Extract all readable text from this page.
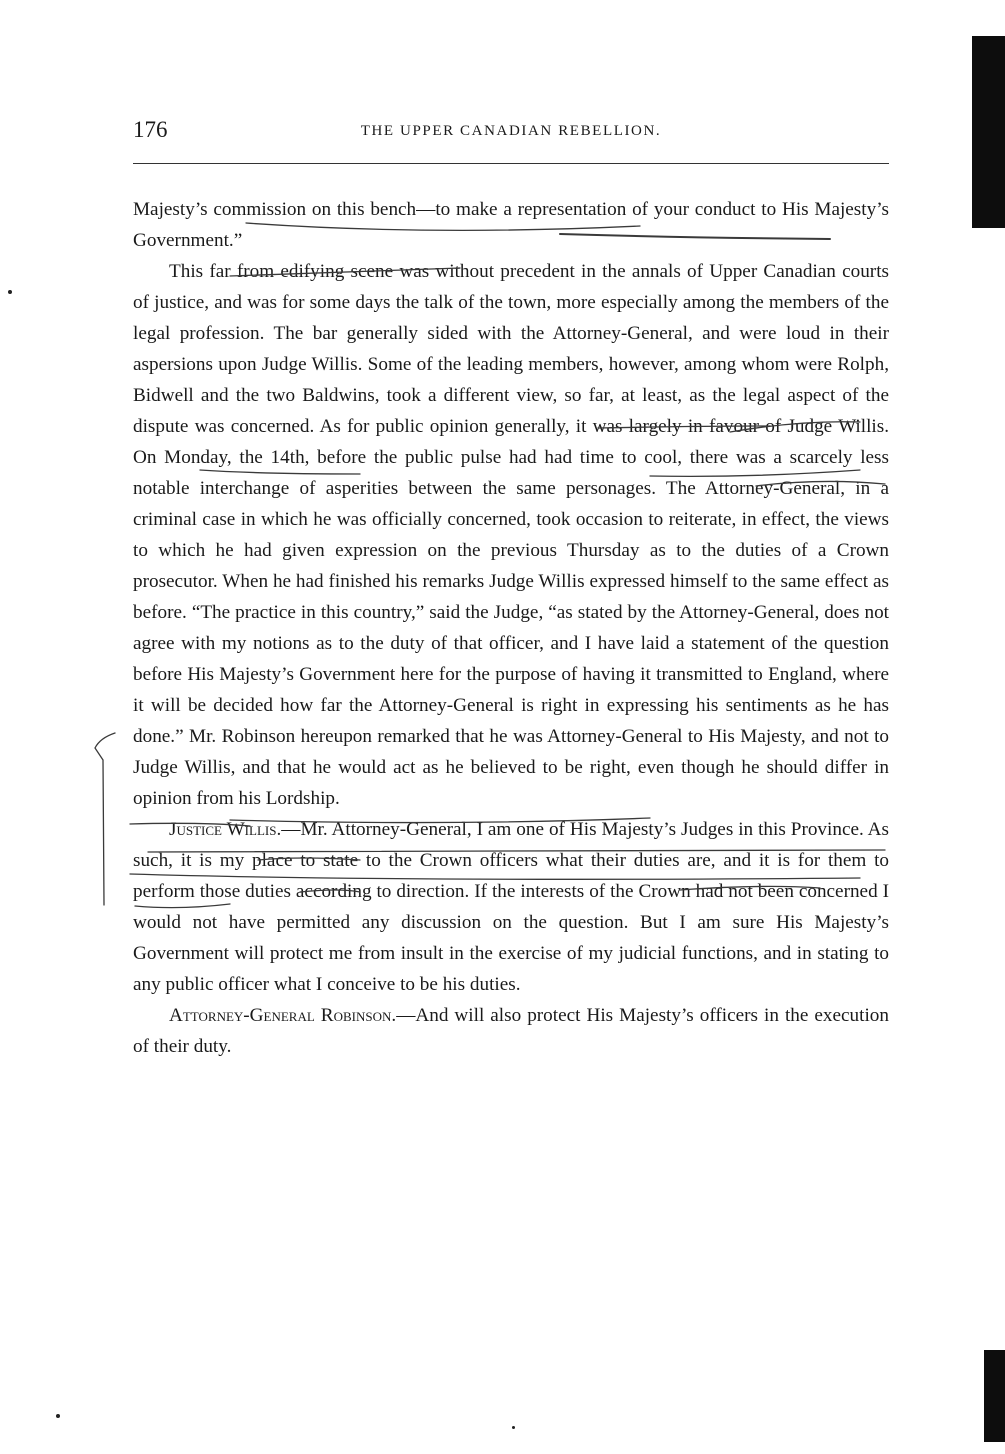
176	THE UPPER CANADIAN REBELLION.

Majesty’s commission on this bench—to make a representation of your conduct to His Majesty’s Government.”

This far from edifying scene was without precedent in the annals of Upper Canadian courts of justice, and was for some days the talk of the town, more especially among the members of the legal profession. The bar generally sided with the Attorney-General, and were loud in their aspersions upon Judge Willis. Some of the leading members, however, among whom were Rolph, Bidwell and the two Baldwins, took a different view, so far, at least, as the legal aspect of the dispute was concerned. As for public opinion generally, it was largely in favour of Judge Willis. On Monday, the 14th, before the public pulse had had time to cool, there was a scarcely less notable interchange of asperities between the same personages. The Attorney-General, in a criminal case in which he was officially concerned, took occasion to reiterate, in effect, the views to which he had given expression on the previous Thursday as to the duties of a Crown prosecutor. When he had finished his remarks Judge Willis expressed himself to the same effect as before. “The practice in this country,” said the Judge, “as stated by the Attorney-General, does not agree with my notions as to the duty of that officer, and I have laid a statement of the question before His Majesty’s Government here for the purpose of having it transmitted to England, where it will be decided how far the Attorney-General is right in expressing his sentiments as he has done.” Mr. Robinson hereupon remarked that he was Attorney-General to His Majesty, and not to Judge Willis, and that he would act as he believed to be right, even though he should differ in opinion from his Lordship.

Justice Willis.—Mr. Attorney-General, I am one of His Majesty’s Judges in this Province. As such, it is my place to state to the Crown officers what their duties are, and it is for them to perform those duties according to direction. If the interests of the Crown had not been concerned I would not have permitted any discussion on the question. But I am sure His Majesty’s Government will protect me from insult in the exercise of my judicial functions, and in stating to any public officer what I conceive to be his duties.

Attorney-General Robinson.—And will also protect His Majesty’s officers in the execution of their duty.
